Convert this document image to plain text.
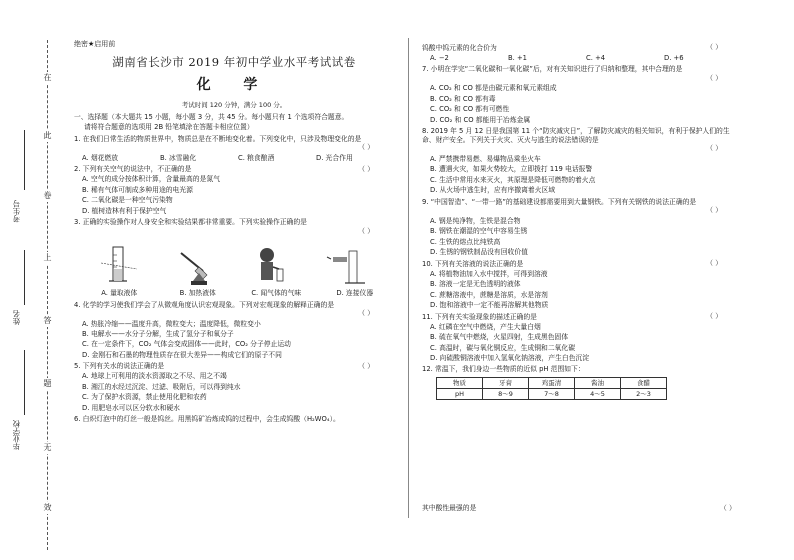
在
此
卷
上
答
题
无
效
考生号
姓名
毕业学校
绝密★启用前
湖南省长沙市 2019 年初中学业水平考试试卷
化 学
考试时间 120 分钟，满分 100 分。
一、选择题（本大题共 15 小题，每小题 3 分，共 45 分。每小题只有 1 个选项符合题意。
请将符合题意的选项用 2B 铅笔填涂在答题卡相应位置）
1. 在我们日常生活的物质世界中，物质总是在不断地变化着。下列变化中，只涉及物理变化的是
（ ）
A. 烟花燃放	B. 冰雪融化	C. 粮食酿酒	D. 光合作用
2. 下列有关空气的说法中，不正确的是	（ ）
A. 空气的成分按体积计算，含量最高的是氮气
B. 稀有气体可制成多种用途的电光源
C. 二氧化碳是一种空气污染物
D. 植树造林有利于保护空气
3. 正确的实验操作对人身安全和实验结果都非常重要。下列实验操作正确的是
（ ）
A. 量取液体	B. 加热液体	C. 闻气体的气味	D. 连接仪器
4. 化学的学习使我们学会了从微观角度认识宏观现象。下列对宏观现象的解释正确的是
（ ）
A. 热胀冷缩——温度升高，微粒变大；温度降低，微粒变小
B. 电解水——水分子分解，生成了氢分子和氧分子
C. 在一定条件下，CO₂ 气体会变成固体——此时，CO₂ 分子停止运动
D. 金刚石和石墨的物理性质存在很大差异——构成它们的原子不同
5. 下列有关水的说法正确的是	（ ）
A. 地球上可利用的淡水资源取之不尽、用之不竭
B. 湘江的水经过沉淀、过滤、吸附后，可以得到纯水
C. 为了保护水资源，禁止使用化肥和农药
D. 用肥皂水可以区分软水和硬水
6. 白炽灯泡中的灯丝一般是钨丝。用黑钨矿冶炼成钨的过程中，会生成钨酸（H₂WO₄）。
钨酸中钨元素的化合价为	（ ）
A. −2	B. +1	C. +4	D. +6
7. 小明在学完“二氧化碳和一氧化碳”后，对有关知识进行了归纳和整理，其中合理的是
（ ）
A. CO₂ 和 CO 都是由碳元素和氧元素组成
B. CO₂ 和 CO 都有毒
C. CO₂ 和 CO 都有可燃性
D. CO₂ 和 CO 都能用于冶炼金属
8. 2019 年 5 月 12 日是我国第 11 个“防灾减灾日”，了解防灾减灾的相关知识，有利于保护人们的生命、财产安全。下列关于火灾、灭火与逃生的说法错误的是
（ ）
A. 严禁携带易燃、易爆物品乘坐火车
B. 遭遇火灾，如果火势较大，立即拨打 119 电话报警
C. 生活中常用水来灭火，其原理是降低可燃物的着火点
D. 从火场中逃生时，应有序撤离着火区域
9. “中国智造”、“一带一路”的基础建设都需要用到大量钢铁。下列有关钢铁的说法正确的是
（ ）
A. 钢是纯净物，生铁是混合物
B. 钢铁在潮湿的空气中容易生锈
C. 生铁的熔点比纯铁高
D. 生锈的钢铁制品没有回收价值
10. 下列有关溶液的说法正确的是	（ ）
A. 将植物油加入水中搅拌，可得到溶液
B. 溶液一定是无色透明的液体
C. 蔗糖溶液中，蔗糖是溶质，水是溶剂
D. 饱和溶液中一定不能再溶解其他物质
11. 下列有关实验现象的描述正确的是	（ ）
A. 红磷在空气中燃烧，产生大量白烟
B. 硫在氧气中燃烧，火星四射，生成黑色固体
C. 高温时，碳与氧化铜反应，生成铜和二氧化碳
D. 向硫酸铜溶液中加入氢氧化钠溶液，产生白色沉淀
12. 常温下，我们身边一些物质的近似 pH 范围如下：
物质	牙膏	鸡蛋清	酱油	食醋
pH	8～9	7～8	4～5	2～3
其中酸性最强的是	（ ）
